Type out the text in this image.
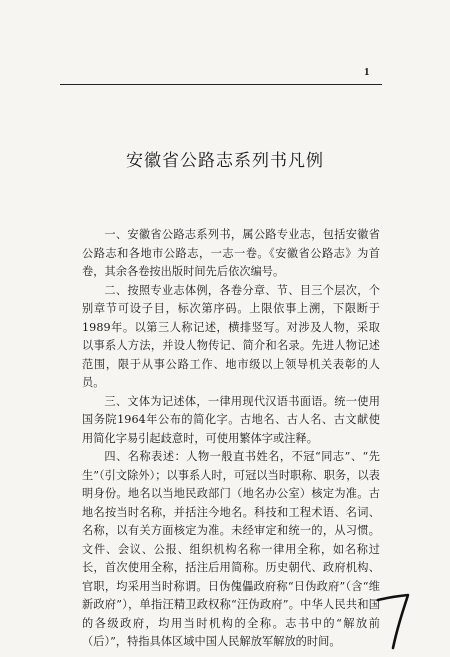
1
安徽省公路志系列书凡例

一、安徽省公路志系列书，属公路专业志，包括安徽省公路志和各地市公路志，一志一卷。《安徽省公路志》为首卷，其余各卷按出版时间先后依次编号。

二、按照专业志体例，各卷分章、节、目三个层次，个别章节可设子目，标次第序码。上限依事上溯，下限断于1989年。以第三人称记述，横排竖写。对涉及人物，采取以事系人方法，并设人物传记、简介和名录。先进人物记述范围，限于从事公路工作、地市级以上领导机关表彰的人员。

三、文体为记述体，一律用现代汉语书面语。统一使用国务院1964年公布的简化字。古地名、古人名、古文献使用简化字易引起歧意时，可使用繁体字或注释。

四、名称表述：人物一般直书姓名，不冠“同志”、“先生”（引文除外）；以事系人时，可冠以当时职称、职务，以表明身份。地名以当地民政部门（地名办公室）核定为准。古地名按当时名称，并括注今地名。科技和工程术语、名词、名称，以有关方面核定为准。未经审定和统一的，从习惯。文件、会议、公报、组织机构名称一律用全称，如名称过长，首次使用全称，括注后用简称。历史朝代、政府机构、官职，均采用当时称谓。日伪傀儡政府称“日伪政府”（含“维新政府”），单指汪精卫政权称“汪伪政府”。中华人民共和国的各级政府，均用当时机构的全称。志书中的“解放前（后）”，特指具体区域中国人民解放军解放的时间。
